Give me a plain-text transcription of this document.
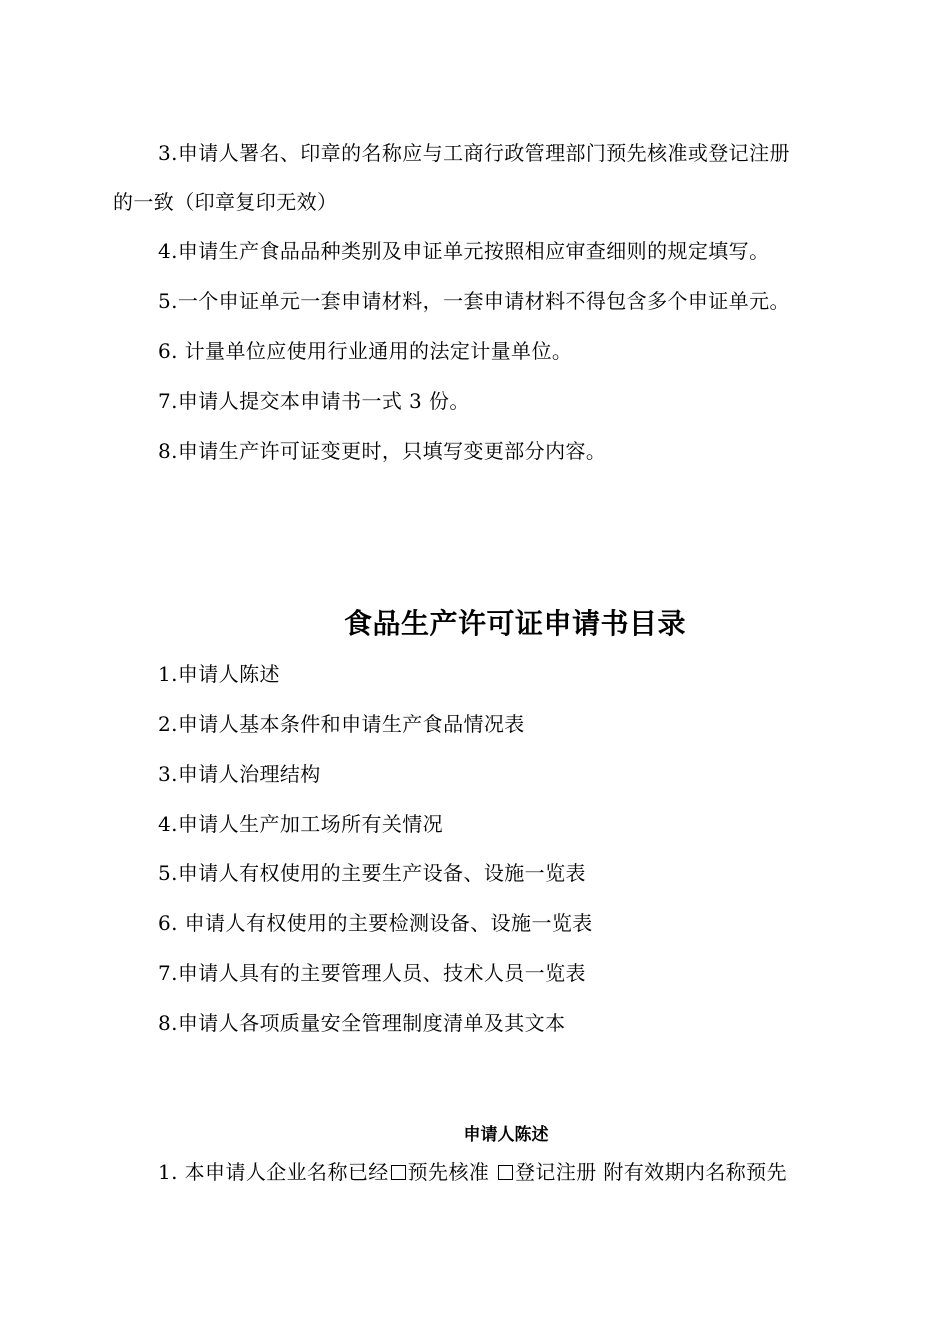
3.申请人署名、印章的名称应与工商行政管理部门预先核准或登记注册
的一致（印章复印无效）
4.申请生产食品品种类别及申证单元按照相应审查细则的规定填写。
5.一个申证单元一套申请材料，一套申请材料不得包含多个申证单元。
6. 计量单位应使用行业通用的法定计量单位。
7.申请人提交本申请书一式 3 份。
8.申请生产许可证变更时，只填写变更部分内容。
食品生产许可证申请书目录
1.申请人陈述
2.申请人基本条件和申请生产食品情况表
3.申请人治理结构
4.申请人生产加工场所有关情况
5.申请人有权使用的主要生产设备、设施一览表
6. 申请人有权使用的主要检测设备、设施一览表
7.申请人具有的主要管理人员、技术人员一览表
8.申请人各项质量安全管理制度清单及其文本
申请人陈述
1. 本申请人企业名称已经 预先核准 登记注册 附有效期内名称预先
